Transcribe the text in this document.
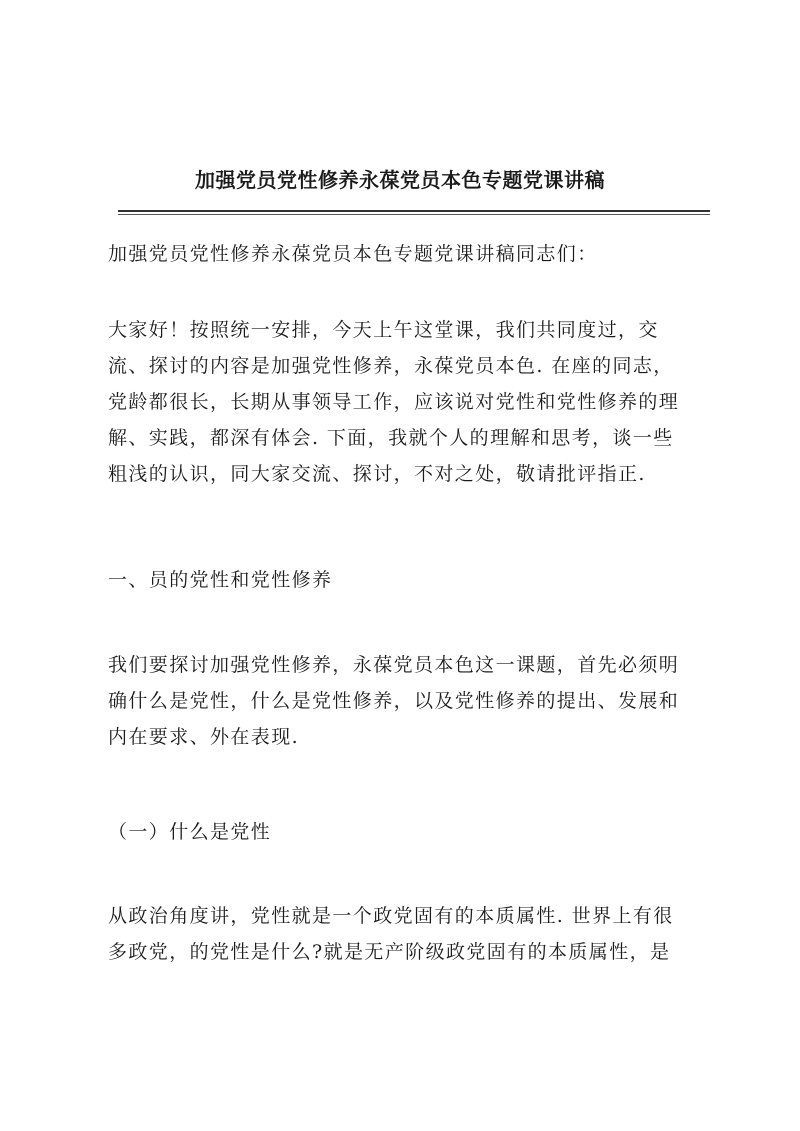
加强党员党性修养永葆党员本色专题党课讲稿
加强党员党性修养永葆党员本色专题党课讲稿同志们：
大家好！按照统一安排，今天上午这堂课，我们共同度过，交
流、探讨的内容是加强党性修养，永葆党员本色. 在座的同志，
党龄都很长，长期从事领导工作，应该说对党性和党性修养的理
解、实践，都深有体会. 下面，我就个人的理解和思考，谈一些
粗浅的认识，同大家交流、探讨，不对之处，敬请批评指正.
一、员的党性和党性修养
我们要探讨加强党性修养，永葆党员本色这一课题，首先必须明
确什么是党性，什么是党性修养，以及党性修养的提出、发展和
内在要求、外在表现.
（一）什么是党性
从政治角度讲，党性就是一个政党固有的本质属性. 世界上有很
多政党，的党性是什么?就是无产阶级政党固有的本质属性，是
